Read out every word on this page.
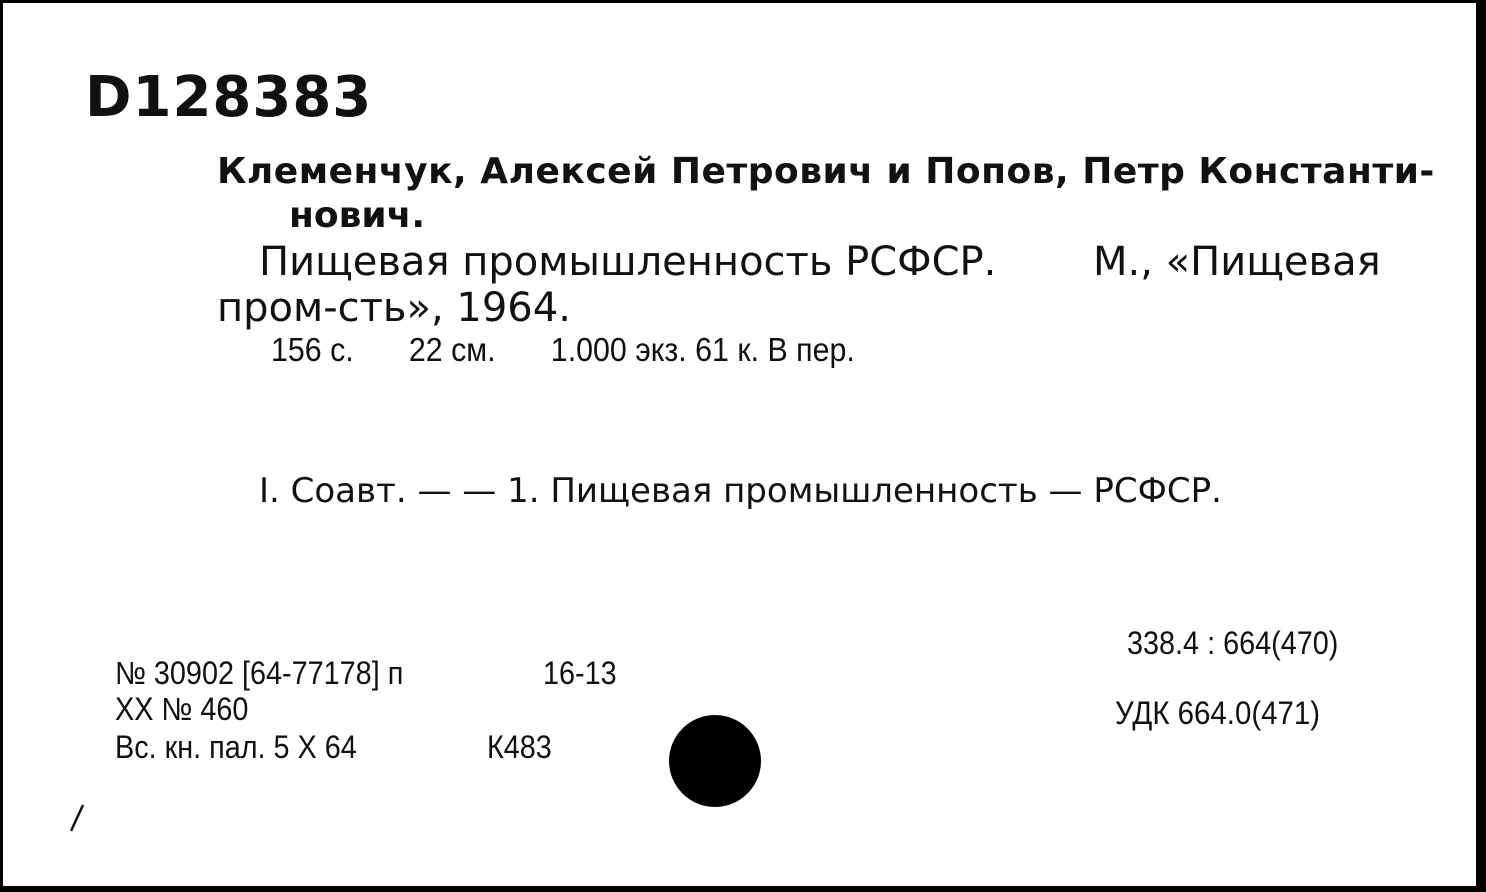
D128383
Клеменчук, Алексей Петрович и Попов, Петр Константи-
нович.
Пищевая промышленность РСФСР. М., «Пищевая
пром-сть», 1964.
156 с. 22 см. 1.000 экз. 61 к. В пер.
I. Соавт. — — 1. Пищевая промышленность — РСФСР.
№ 30902 [64-77178] п	16-13
XX № 460
Вс. кн. пал. 5 X 64	К483
338.4 : 664(470)
УДК 664.0(471)
